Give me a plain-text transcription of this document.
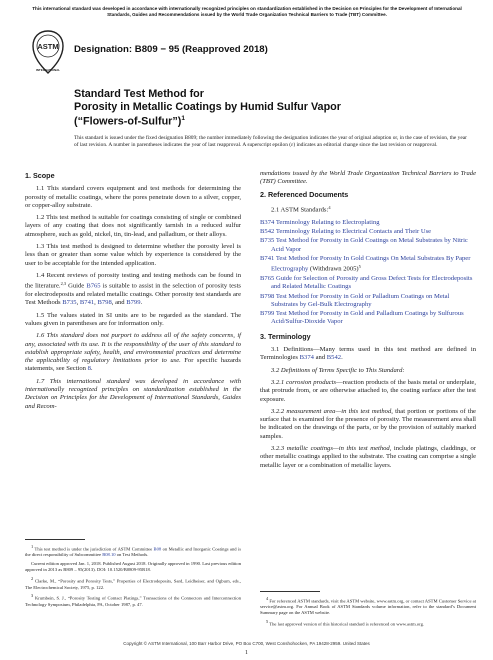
This international standard was developed in accordance with internationally recognized principles on standardization established in the Decision on Principles for the Development of International Standards, Guides and Recommendations issued by the World Trade Organization Technical Barriers to Trade (TBT) Committee.
ASTM
INTERNATIONAL
Designation: B809 − 95 (Reapproved 2018)
Standard Test Method for
Porosity in Metallic Coatings by Humid Sulfur Vapor
(“Flowers-of-Sulfur”)$^1$
This standard is issued under the fixed designation B809; the number immediately following the designation indicates the year of original adoption or, in the case of revision, the year of last revision. A number in parentheses indicates the year of last reapproval. A superscript epsilon (ε) indicates an editorial change since the last revision or reapproval.
1. Scope

1.1 This standard covers equipment and test methods for determining the porosity of metallic coatings, where the pores penetrate down to a silver, copper, or copper-alloy substrate.

1.2 This test method is suitable for coatings consisting of single or combined layers of any coating that does not significantly tarnish in a reduced sulfur atmosphere, such as gold, nickel, tin, tin-lead, and palladium, or their alloys.

1.3 This test method is designed to determine whether the porosity level is less than or greater than some value which by experience is considered by the user to be acceptable for the intended application.

1.4 Recent reviews of porosity testing and testing methods can be found in the literature.$^{2,3}$ Guide B765 is suitable to assist in the selection of porosity tests for electrodeposits and related metallic coatings. Other porosity test standards are Test Methods B735, B741, B798, and B799.

1.5 The values stated in SI units are to be regarded as the standard. The values given in parentheses are for information only.

1.6 This standard does not purport to address all of the safety concerns, if any, associated with its use. It is the responsibility of the user of this standard to establish appropriate safety, health, and environmental practices and determine the applicability of regulatory limitations prior to use. For specific hazards statements, see Section 8.

1.7 This international standard was developed in accordance with internationally recognized principles on standardization established in the Decision on Principles for the Development of International Standards, Guides and Recom-

1 This test method is under the jurisdiction of ASTM Committee B08 on Metallic and Inorganic Coatings and is the direct responsibility of Subcommittee B08.10 on Test Methods.

Current edition approved Jan. 1, 2018. Published August 2018. Originally approved in 1990. Last previous edition approved in 2013 as B809 – 95(2013). DOI: 10.1520/B0809-95R18.

2 Clarke, M., “Porosity and Porosity Tests,” Properties of Electrodeposits, Sard, Leidheiser, and Ogburn, eds., The Electrochemical Society, 1975, p. 122.

3 Krumbein, S. J., “Porosity Testing of Contact Platings,” Transactions of the Connectors and Interconnection Technology Symposium, Philadelphia, PA, October 1987, p. 47.

mendations issued by the World Trade Organization Technical Barriers to Trade (TBT) Committee.

2. Referenced Documents

2.1 ASTM Standards:$^4$

B374 Terminology Relating to Electroplating

B542 Terminology Relating to Electrical Contacts and Their Use

B735 Test Method for Porosity in Gold Coatings on Metal Substrates by Nitric Acid Vapor

B741 Test Method for Porosity In Gold Coatings On Metal Substrates By Paper Electrography (Withdrawn 2005)$^5$

B765 Guide for Selection of Porosity and Gross Defect Tests for Electrodeposits and Related Metallic Coatings

B798 Test Method for Porosity in Gold or Palladium Coatings on Metal Substrates by Gel-Bulk Electrography

B799 Test Method for Porosity in Gold and Palladium Coatings by Sulfurous Acid/Sulfur-Dioxide Vapor

3. Terminology

3.1 Definitions—Many terms used in this test method are defined in Terminologies B374 and B542.

3.2 Definitions of Terms Specific to This Standard:

3.2.1 corrosion products—reaction products of the basis metal or underplate, that protrude from, or are otherwise attached to, the coating surface after the test exposure.

3.2.2 measurement area—in this test method, that portion or portions of the surface that is examined for the presence of porosity. The measurement area shall be indicated on the drawings of the parts, or by the provision of suitably marked samples.

3.2.3 metallic coatings—in this test method, include platings, claddings, or other metallic coatings applied to the substrate. The coating can comprise a single metallic layer or a combination of metallic layers.

4 For referenced ASTM standards, visit the ASTM website, www.astm.org, or contact ASTM Customer Service at service@astm.org. For Annual Book of ASTM Standards volume information, refer to the standard’s Document Summary page on the ASTM website.

5 The last approved version of this historical standard is referenced on www.astm.org.

Copyright © ASTM International, 100 Barr Harbor Drive, PO Box C700, West Conshohocken, PA 19428-2959. United States
1
